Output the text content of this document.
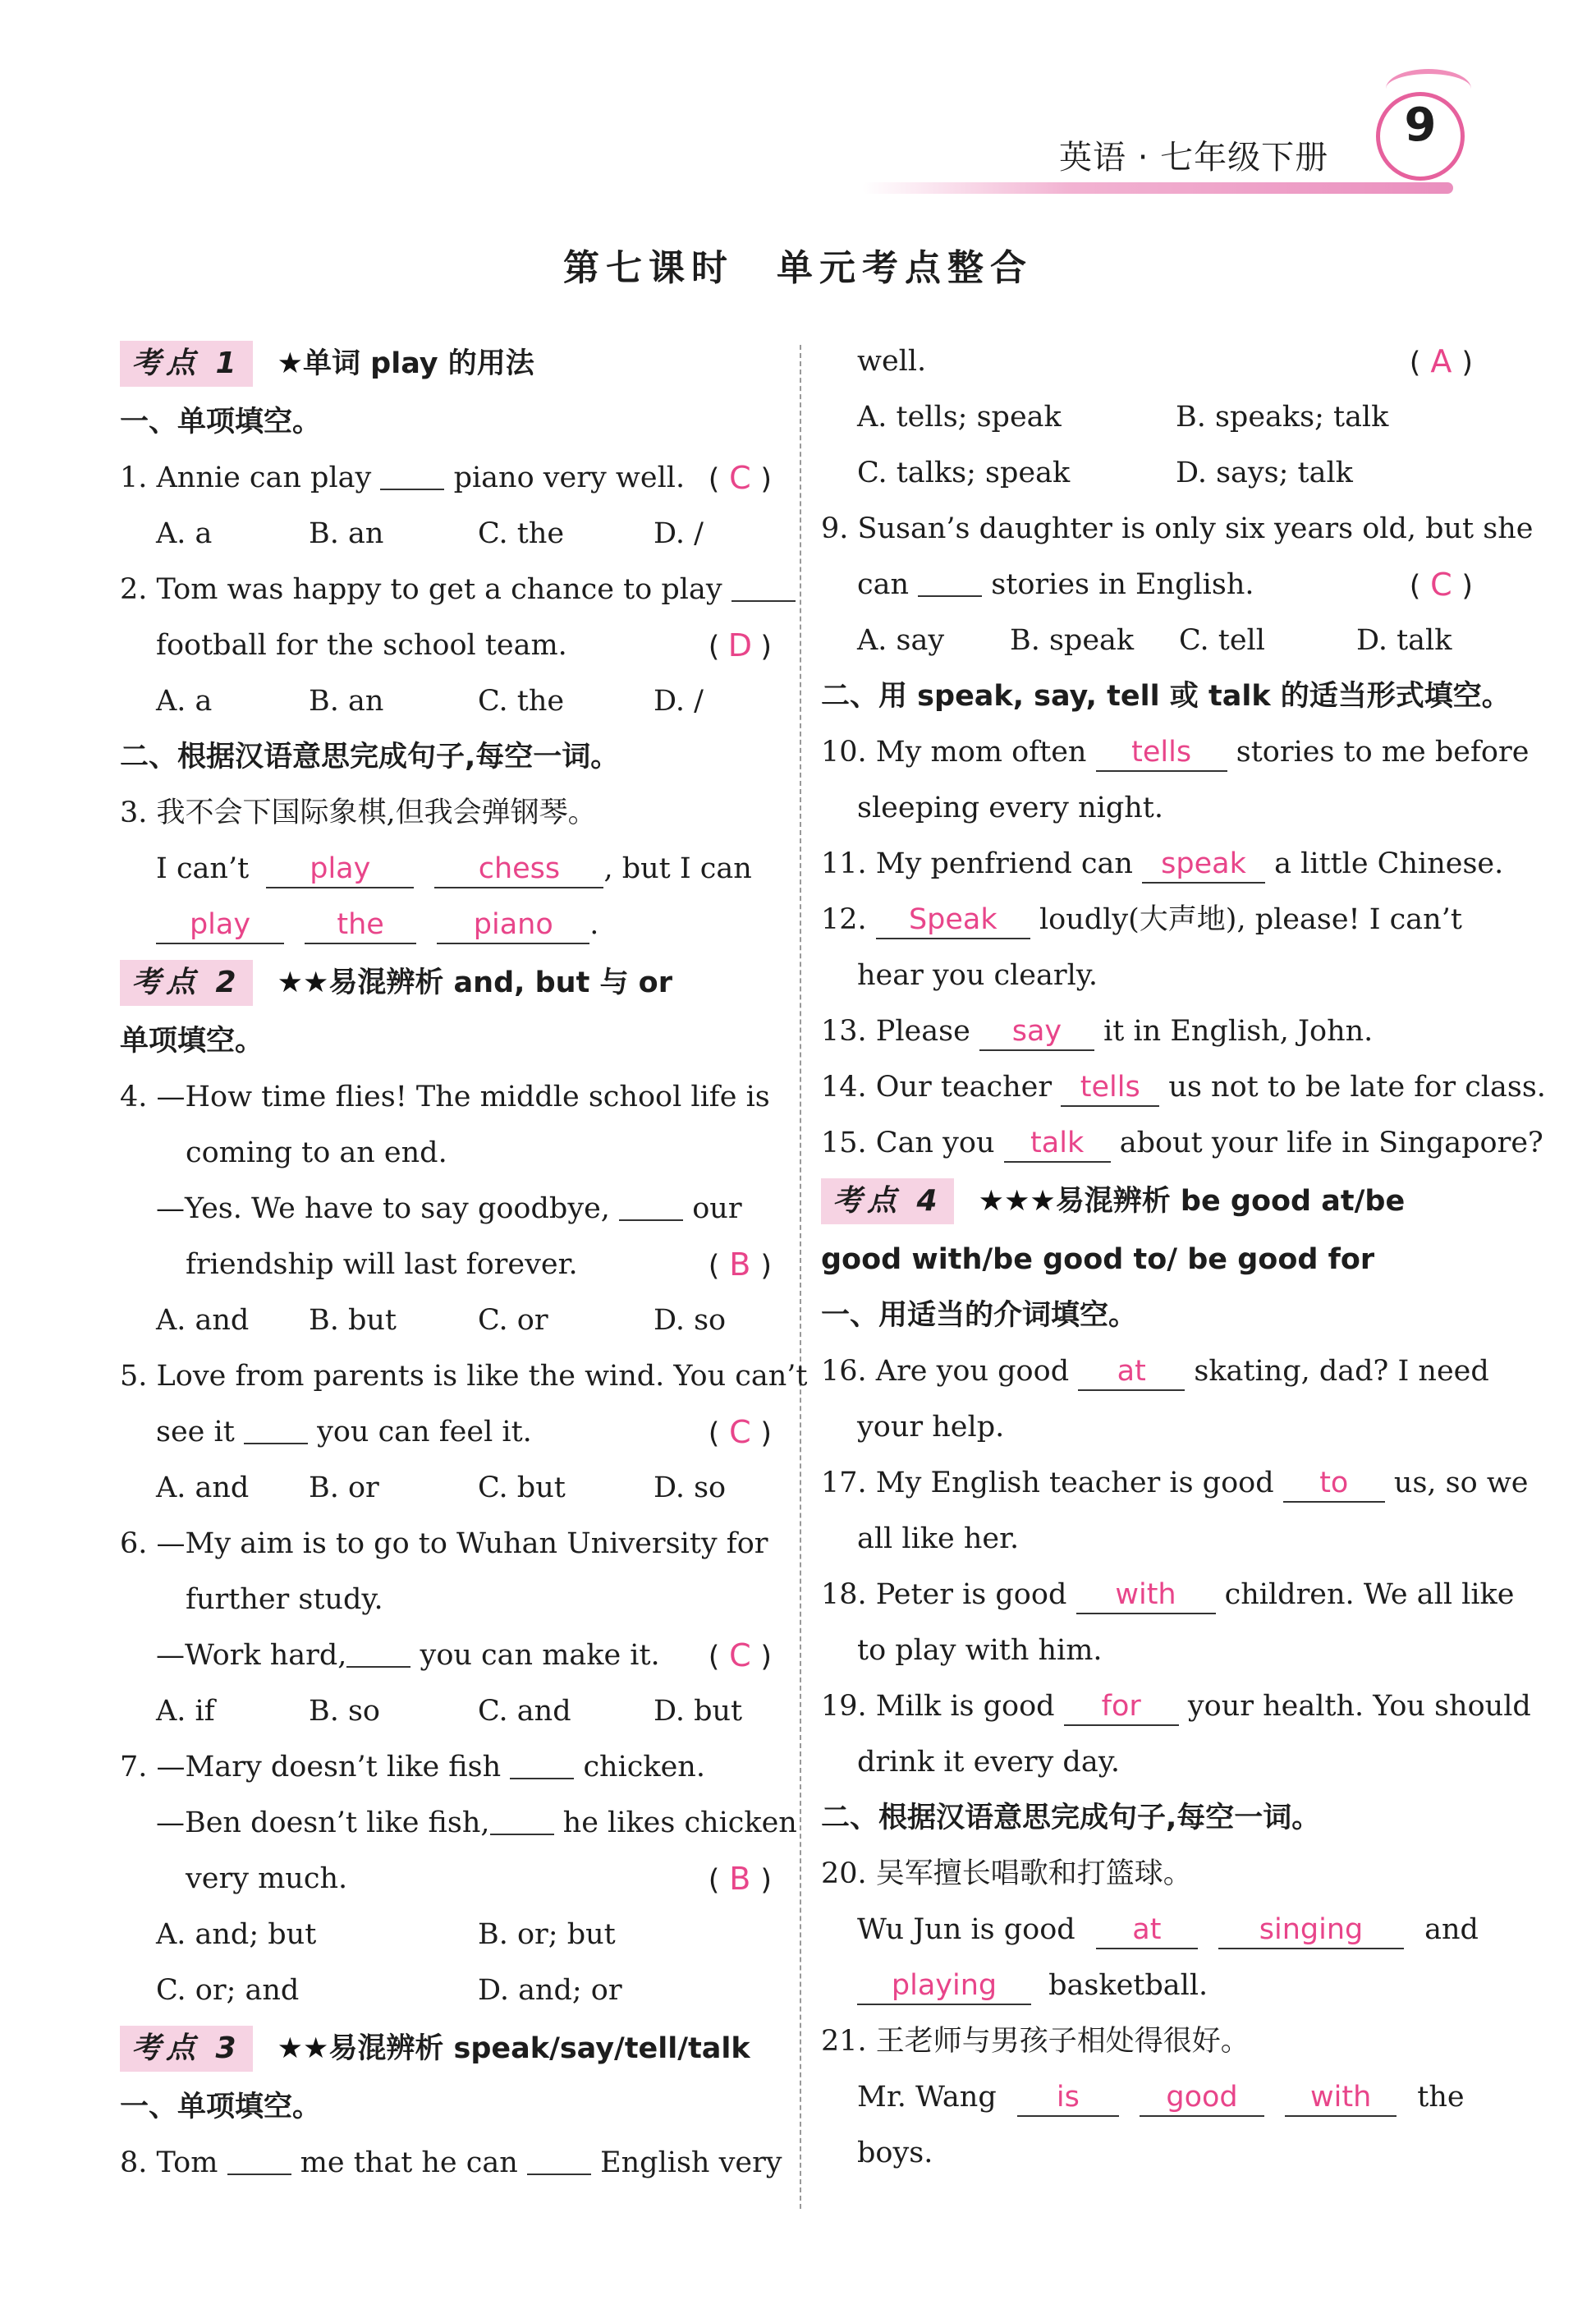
英语 · 七年级下册
9
第七课时　单元考点整合
考点 1 ★单词 play 的用法
一、单项填空。
1. Annie can play	piano very well. ( C )
A. a	B. an	C. the	D. /
2. Tom was happy to get a chance to play
football for the school team.	( D )
A. a	B. an	C. the	D. /
二、根据汉语意思完成句子,每空一词。
3. 我不会下国际象棋,但我会弹钢琴。
I can’t play	chess , but I can
play	the	piano .
考点 2 ★★易混辨析 and, but 与 or
单项填空。
4. —How time flies! The middle school life is
coming to an end.
—Yes. We have to say goodbye,	our
friendship will last forever.	( B )
A. and	B. but	C. or	D. so
5. Love from parents is like the wind. You can’t
see it	you can feel it.	( C )
A. and	B. or	C. but	D. so
6. —My aim is to go to Wuhan University for
further study.
—Work hard,	you can make it. ( C )
A. if	B. so	C. and	D. but
7. —Mary doesn’t like fish	chicken.
—Ben doesn’t like fish,	he likes chicken
very much.	( B )
A. and; but	B. or; but
C. or; and	D. and; or
考点 3 ★★易混辨析 speak/say/tell/talk
一、单项填空。
8. Tom	me that he can	English very
well.	( A )
A. tells; speak	B. speaks; talk
C. talks; speak	D. says; talk
9. Susan’s daughter is only six years old, but she
can	stories in English.	( C )
A. say	B. speak	C. tell	D. talk
二、用 speak, say, tell 或 talk 的适当形式填空。
10. My mom often tells stories to me before
sleeping every night.
11. My penfriend can speak a little Chinese.
12. Speak loudly(大声地), please! I can’t
hear you clearly.
13. Please say it in English, John.
14. Our teacher tells us not to be late for class.
15. Can you talk about your life in Singapore?
考点 4 ★★★易混辨析 be good at/be
good with/be good to/ be good for
一、用适当的介词填空。
16. Are you good at skating, dad? I need
your help.
17. My English teacher is good to us, so we
all like her.
18. Peter is good with children. We all like
to play with him.
19. Milk is good for your health. You should
drink it every day.
二、根据汉语意思完成句子,每空一词。
20. 吴军擅长唱歌和打篮球。
Wu Jun is good at	singing and
playing basketball.
21. 王老师与男孩子相处得很好。
Mr. Wang is	good	with the
boys.
